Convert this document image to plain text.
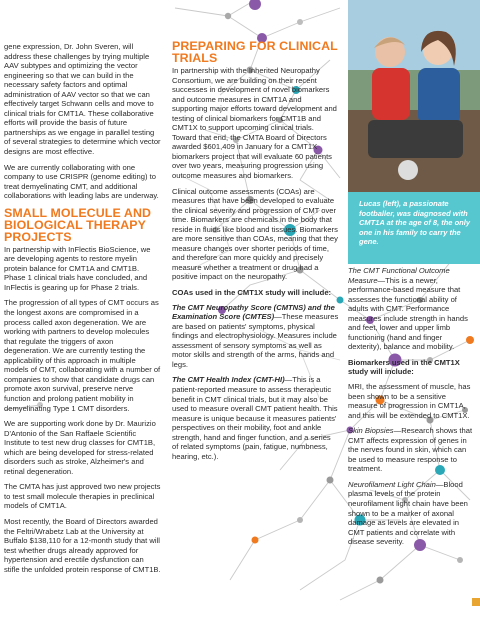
Lucas (left), a passionate footballer, was diagnosed with CMT1A at the age of 8, the only one in his family to carry the gene.

gene expression, Dr. John Sveren, will address these challenges by trying multiple AAV subtypes and optimizing the vector engineering so that we can build in the necessary safety factors and optimal administration of AAV vector so that we can effectively target Schwann cells and move to clinical trials for CMT1A. These collaborative efforts will provide the basis of future partnerships as we engage in parallel testing of several strategies to determine which vector designs are most effective.

We are currently collaborating with one company to use CRISPR (genome editing) to treat demyelinating CMT, and additional collaborations with leading labs are underway.

SMALL MOLECULE AND BIOLOGICAL THERAPY PROJECTS

In partnership with InFlectis BioScience, we are developing agents to restore myelin protein balance for CMT1A and CMT1B. Phase 1 clinical trials have concluded, and InFlectis is gearing up for Phase 2 trials.

The progression of all types of CMT occurs as the longest axons are compromised in a process called axon degeneration. We are working with partners to develop molecules that regulate the triggers of axon degeneration. We are currently testing the applicability of this approach in multiple models of CMT, collaborating with a number of companies to show that candidate drugs can promote axon survival, preserve nerve function and prolong patient mobility in demyelinating Type 1 CMT disorders.

We are supporting work done by Dr. Maurizio D'Antonio of the San Raffaele Scientific Institute to test new drug classes for CMT1B, which are being developed for stress-related disorders such as stroke, Alzheimer's and retinal degeneration.

The CMTA has just approved two new projects to test small molecule therapies in preclinical models of CMT1A.

Most recently, the Board of Directors awarded the Feltri/Wrabetz Lab at the University at Buffalo $138,110 for a 12-month study that will test whether drugs already approved for hypertension and erectile dysfunction can stifle the unfolded protein response of CMT1B.

PREPARING FOR CLINICAL TRIALS

In partnership with the Inherited Neuropathy Consortium, we are building on their recent successes in development of novel biomarkers and outcome measures in CMT1A and supporting major efforts toward development and testing of clinical biomarkers for CMT1B and CMT1X to support upcoming clinical trials. Toward that end, the CMTA Board of Directors awarded $601,409 in January for a CMT1X biomarkers project that will evaluate 60 patients over two years, measuring progression using outcome measures and biomarkers.

Clinical outcome assessments (COAs) are measures that have been developed to evaluate the clinical severity and progression of CMT over time. Biomarkers are chemicals in the body that reside in fluids like blood and tissues. Biomarkers are more sensitive than COAs, meaning that they measure changes over shorter periods of time, and therefore can more quickly and precisely measure whether a treatment or drug had a positive impact on the neuropathy.

COAs used in the CMT1X study will include:

The CMT Neuropathy Score (CMTNS) and the Examination Score (CMTES)—These measures are based on patients' symptoms, physical findings and electrophysiology. Measures include assessment of sensory symptoms as well as motor skills and strength of the arms, hands and legs.

The CMT Health Index (CMT-HI)—This is a patient-reported measure to assess therapeutic benefit in CMT clinical trials, but it may also be used to measure overall CMT patient health. This measure is unique because it measures patients' perspectives on their mobility, foot and ankle strength, hand and finger function, and a series of related symptoms (pain, fatigue, numbness, hearing, etc.).

The CMT Functional Outcome Measure—This is a newer, performance-based measure that assesses the functional ability of adults with CMT. Performance measures include strength in hands and feet, lower and upper limb functioning (hand and finger dexterity), balance and mobility.

Biomarkers used in the CMT1X study will include:

MRI, the assessment of muscle, has been shown to be a sensitive measure of progression in CMT1A, and this will be extended to CMT1X.

Skin Biopsies—Research shows that CMT affects expression of genes in the nerves found in skin, which can be used to measure response to treatment.

Neurofilament Light Chain—Blood plasma levels of the protein neurofilament light chain have been shown to be a marker of axonal damage as levels are elevated in CMT patients and correlate with disease severity.
